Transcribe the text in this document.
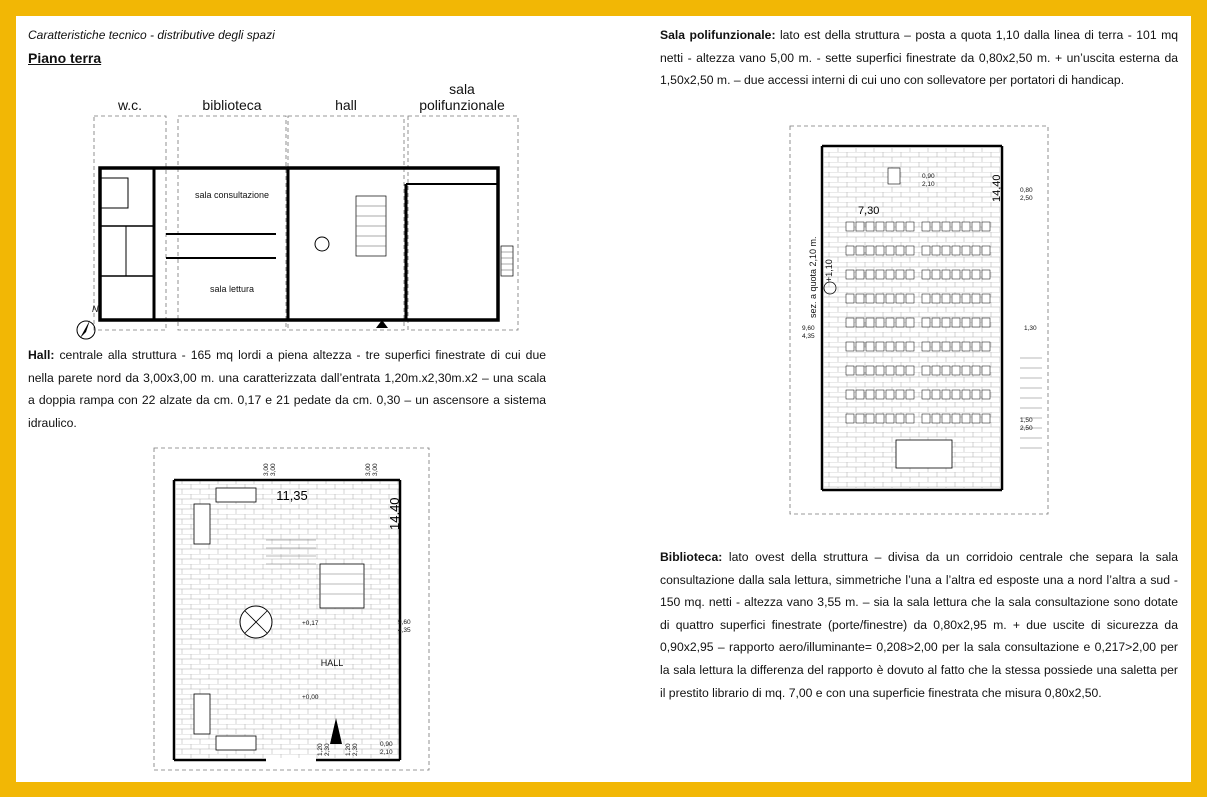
Caratteristiche tecnico - distributive degli spazi
Piano terra
w.c.	biblioteca	hall
sala
polifunzionale
sala consultazione
sala lettura
N
Hall: centrale alla struttura - 165 mq lordi a piena altezza - tre superfici finestrate di cui due nella parete nord da 3,00x3,00 m. una caratterizzata dall’entrata 1,20m.x2,30m.x2 – una scala a doppia rampa con 22 alzate da cm. 0,17 e 21 pedate da cm. 0,30 – un ascensore a sistema idraulico.
11,35
14,40
HALL
+0,17
+0,00
3,00 3,00	3,00 3,00
9,60
4,35
1,20 2,30 1,20 2,30	0,90
2,10
Sala polifunzionale: lato est della struttura – posta a quota 1,10 dalla linea di terra - 101 mq netti - altezza vano 5,00 m. - sette superfici finestrate da 0,80x2,50 m. + un’uscita esterna da 1,50x2,50 m. – due accessi interni di cui uno con sollevatore per portatori di handicap.
7,30
14,40
sez. a quota 2,10 m. +1,10
0,80
2,50
0,90
2,10
1,50
2,50
1,30
9,60
4,35
Biblioteca: lato ovest della struttura – divisa da un corridoio centrale che separa la sala consultazione dalla sala lettura, simmetriche l’una a l’altra ed esposte una a nord l’altra a sud - 150 mq. netti - altezza vano 3,55 m. – sia la sala lettura che la sala consultazione sono dotate di quattro superfici finestrate (porte/finestre) da 0,80x2,95 m. + due uscite di sicurezza da 0,90x2,95 – rapporto aero/illuminante= 0,208>2,00 per la sala consultazione e 0,217>2,00 per la sala lettura la differenza del rapporto è dovuto al fatto che la stessa possiede una saletta per il prestito librario di mq. 7,00 e con una superficie finestrata che misura 0,80x2,50.
